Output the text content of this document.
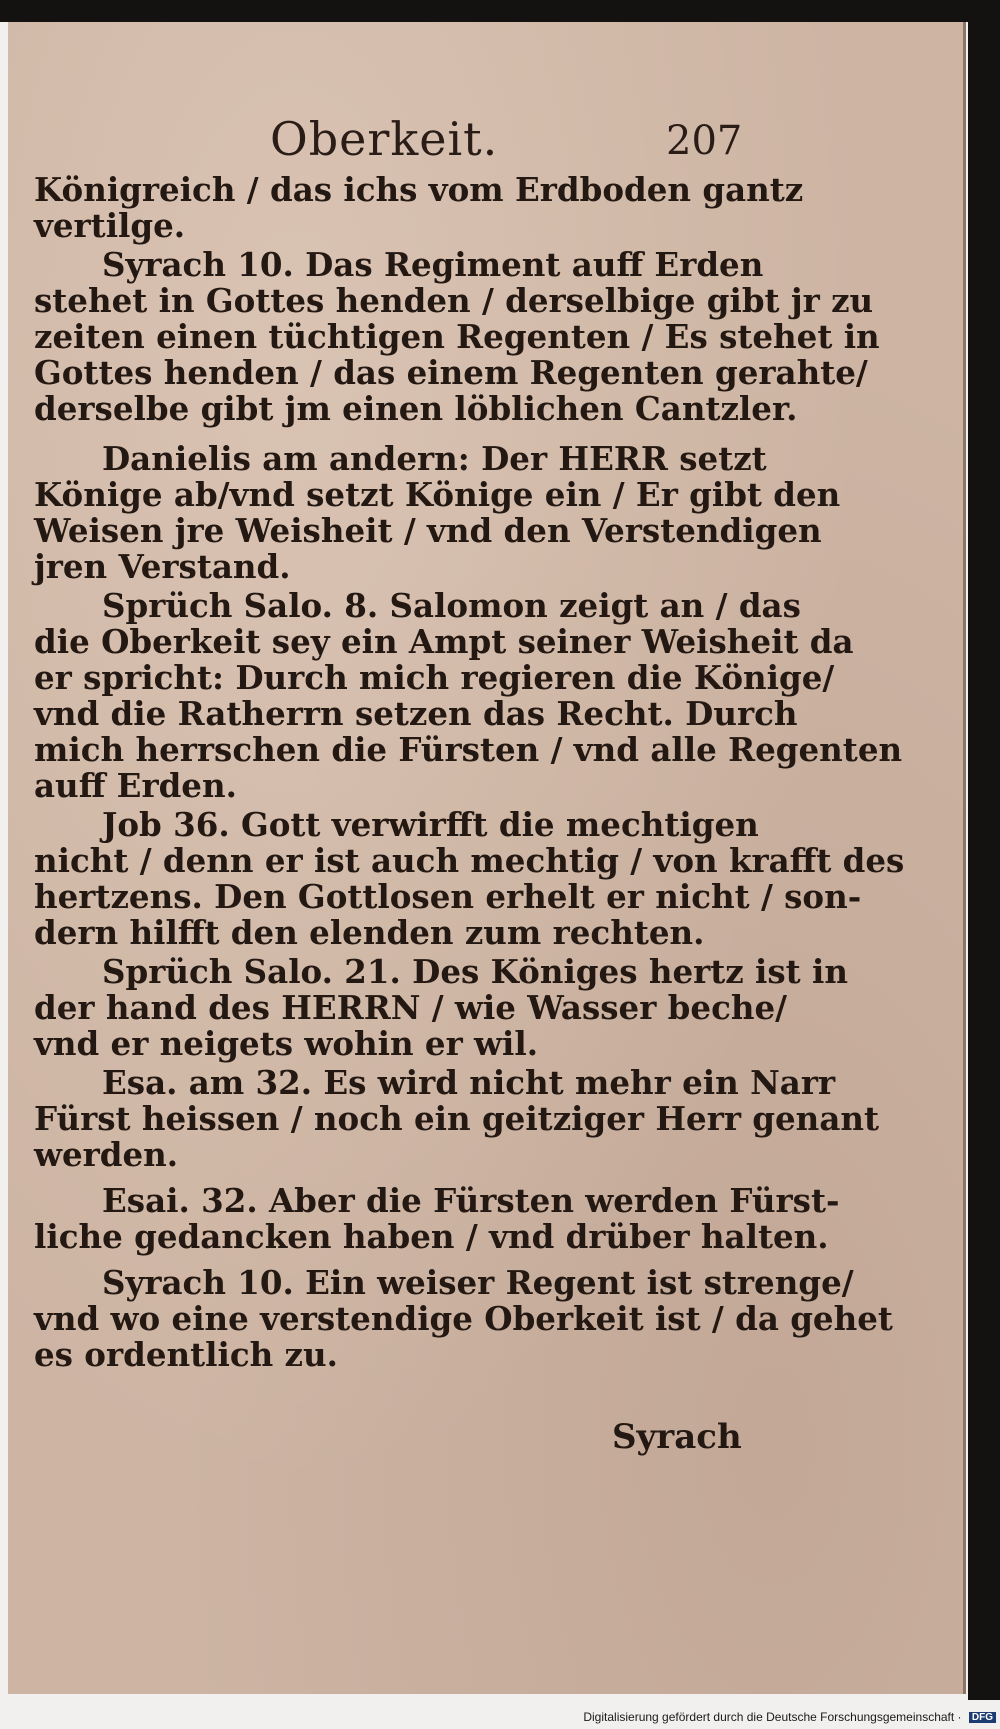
Oberkeit.	207

Königreich / das ichs vom Erdboden gantz
vertilge.

Syrach 10. Das Regiment auff Erden
stehet in Gottes henden / derselbige gibt jr zu
zeiten einen tüchtigen Regenten / Es stehet in
Gottes henden / das einem Regenten gerahte/
derselbe gibt jm einen löblichen Cantzler.

Danielis am andern: Der HERR setzt
Könige ab/vnd setzt Könige ein / Er gibt den
Weisen jre Weisheit / vnd den Verstendigen
jren Verstand.

Sprüch Salo. 8. Salomon zeigt an / das
die Oberkeit sey ein Ampt seiner Weisheit da
er spricht: Durch mich regieren die Könige/
vnd die Ratherrn setzen das Recht. Durch
mich herrschen die Fürsten / vnd alle Regenten
auff Erden.

Job 36. Gott verwirfft die mechtigen
nicht / denn er ist auch mechtig / von krafft des
hertzens. Den Gottlosen erhelt er nicht / son-
dern hilfft den elenden zum rechten.

Sprüch Salo. 21. Des Königes hertz ist in
der hand des HERRN / wie Wasser beche/
vnd er neigets wohin er wil.

Esa. am 32. Es wird nicht mehr ein Narr
Fürst heissen / noch ein geitziger Herr genant
werden.

Esai. 32. Aber die Fürsten werden Fürst-
liche gedancken haben / vnd drüber halten.

Syrach 10. Ein weiser Regent ist strenge/
vnd wo eine verstendige Oberkeit ist / da gehet
es ordentlich zu.

Syrach
Digitalisierung gefördert durch die Deutsche Forschungsgemeinschaft · DFG
